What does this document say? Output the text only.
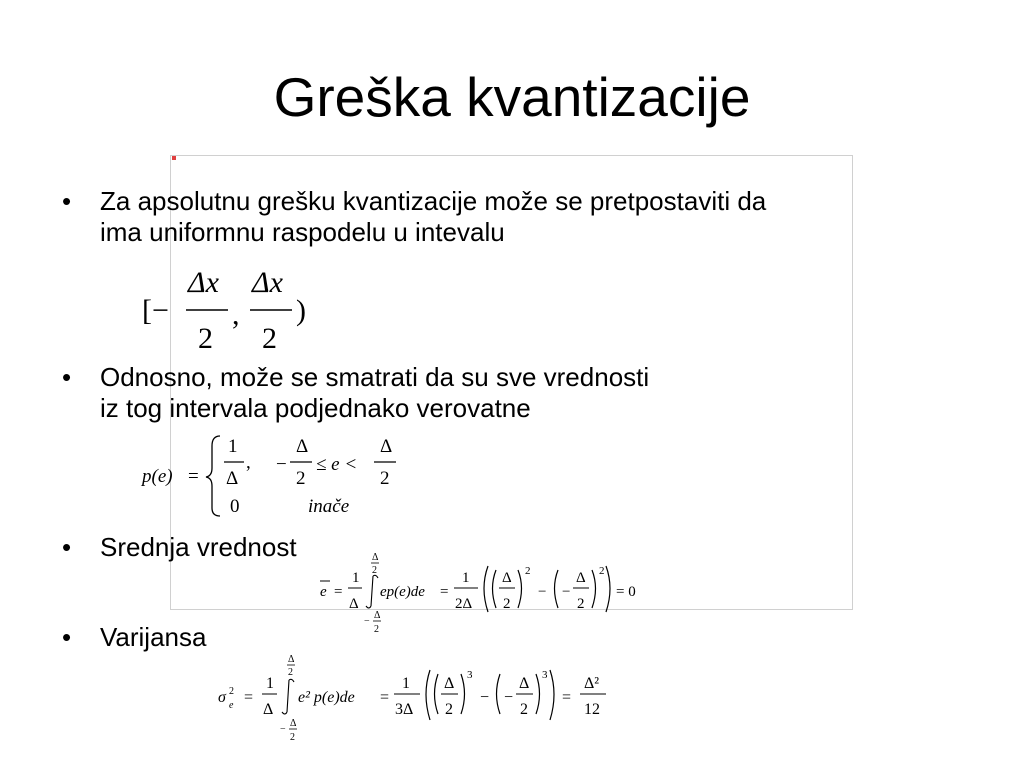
Greška kvantizacije
• Za apsolutnu grešku kvantizacije može se pretpostaviti da
ima uniformnu raspodelu u intevalu
[ −
Δx
2
,
Δx
2
)
• Odnosno, može se smatrati da su sve vrednosti
iz tog intervala podjednako verovatne
p(e) =
1
Δ
, −
Δ
2
≤ e <
Δ
2
0	inače
• Srednja vrednost
e =
1
Δ
Δ
2
−
Δ
2
ep(e)de =
1
2Δ
Δ
2
2
− −
Δ
2
2
= 0
• Varijansa
σ 2
e =
1
Δ
Δ
2
−
Δ
2
e² p(e)de =
1
3Δ
Δ
2
3
− −
Δ
2
3
=
Δ²
12
